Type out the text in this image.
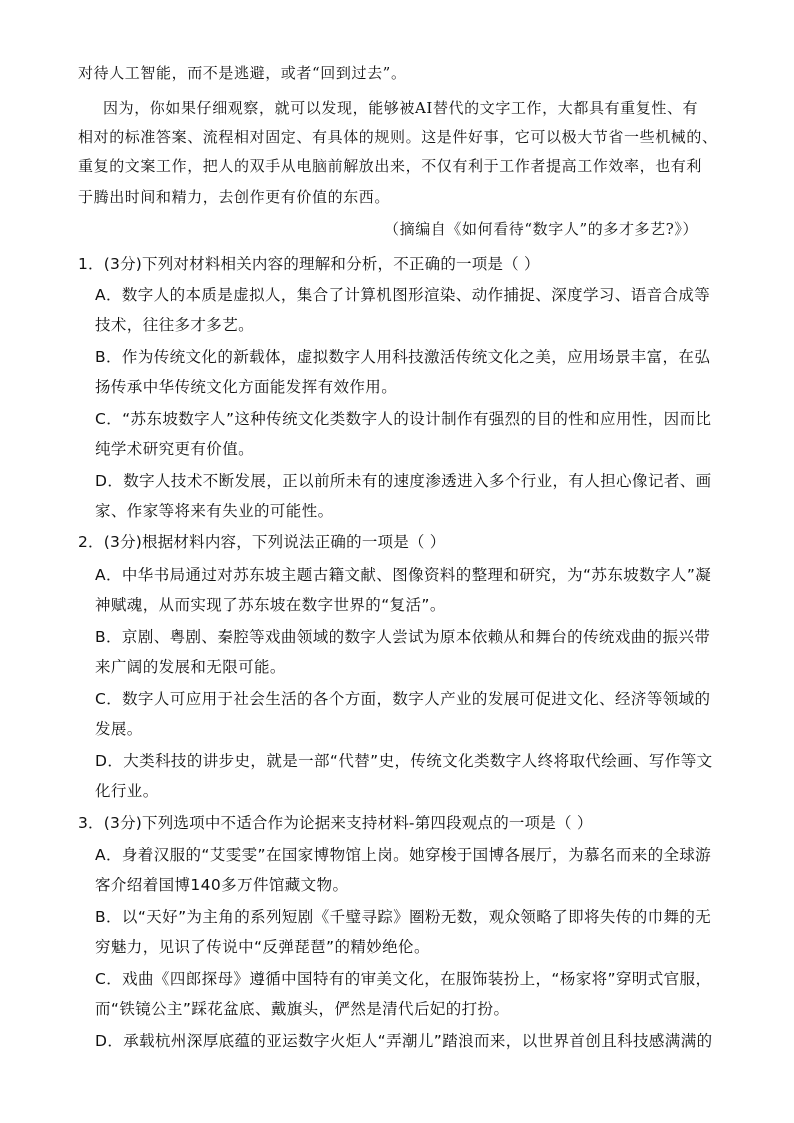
对待人工智能，而不是逃避，或者“回到过去”。
因为，你如果仔细观察，就可以发现，能够被AI替代的文字工作，大都具有重复性、有
相对的标准答案、流程相对固定、有具体的规则。这是件好事，它可以极大节省一些机械的、
重复的文案工作，把人的双手从电脑前解放出来，不仅有利于工作者提高工作效率，也有利
于腾出时间和精力，去创作更有价值的东西。
（摘编自《如何看待“数字人”的多才多艺?》）
1．(3分)下列对材料相关内容的理解和分析，不正确的一项是（ ）
A．数字人的本质是虚拟人，集合了计算机图形渲染、动作捕捉、深度学习、语音合成等
技术，往往多才多艺。
B．作为传统文化的新载体，虚拟数字人用科技激活传统文化之美，应用场景丰富，在弘
扬传承中华传统文化方面能发挥有效作用。
C．“苏东坡数字人”这种传统文化类数字人的设计制作有强烈的目的性和应用性，因而比
纯学术研究更有价值。
D．数字人技术不断发展，正以前所未有的速度渗透进入多个行业，有人担心像记者、画
家、作家等将来有失业的可能性。
2．(3分)根据材料内容，下列说法正确的一项是（ ）
A．中华书局通过对苏东坡主题古籍文献、图像资料的整理和研究，为“苏东坡数字人”凝
神赋魂，从而实现了苏东坡在数字世界的“复活”。
B．京剧、粤剧、秦腔等戏曲领域的数字人尝试为原本依赖从和舞台的传统戏曲的振兴带
来广阔的发展和无限可能。
C．数字人可应用于社会生活的各个方面，数字人产业的发展可促进文化、经济等领域的
发展。
D．大类科技的讲步史，就是一部“代替”史，传统文化类数字人终将取代绘画、写作等文
化行业。
3．(3分)下列选项中不适合作为论据来支持材料-第四段观点的一项是（ ）
A．身着汉服的“艾雯雯”在国家博物馆上岗。她穿梭于国博各展厅，为慕名而来的全球游
客介绍着国博140多万件馆藏文物。
B．以“天好”为主角的系列短剧《千璧寻踪》圈粉无数，观众领略了即将失传的巾舞的无
穷魅力，见识了传说中“反弹琵琶”的精妙绝伦。
C．戏曲《四郎探母》遵循中国特有的审美文化，在服饰装扮上，“杨家将”穿明式官服，
而“铁镜公主”踩花盆底、戴旗头，俨然是清代后妃的打扮。
D．承载杭州深厚底蕴的亚运数字火炬人“弄潮儿”踏浪而来，以世界首创且科技感满满的
